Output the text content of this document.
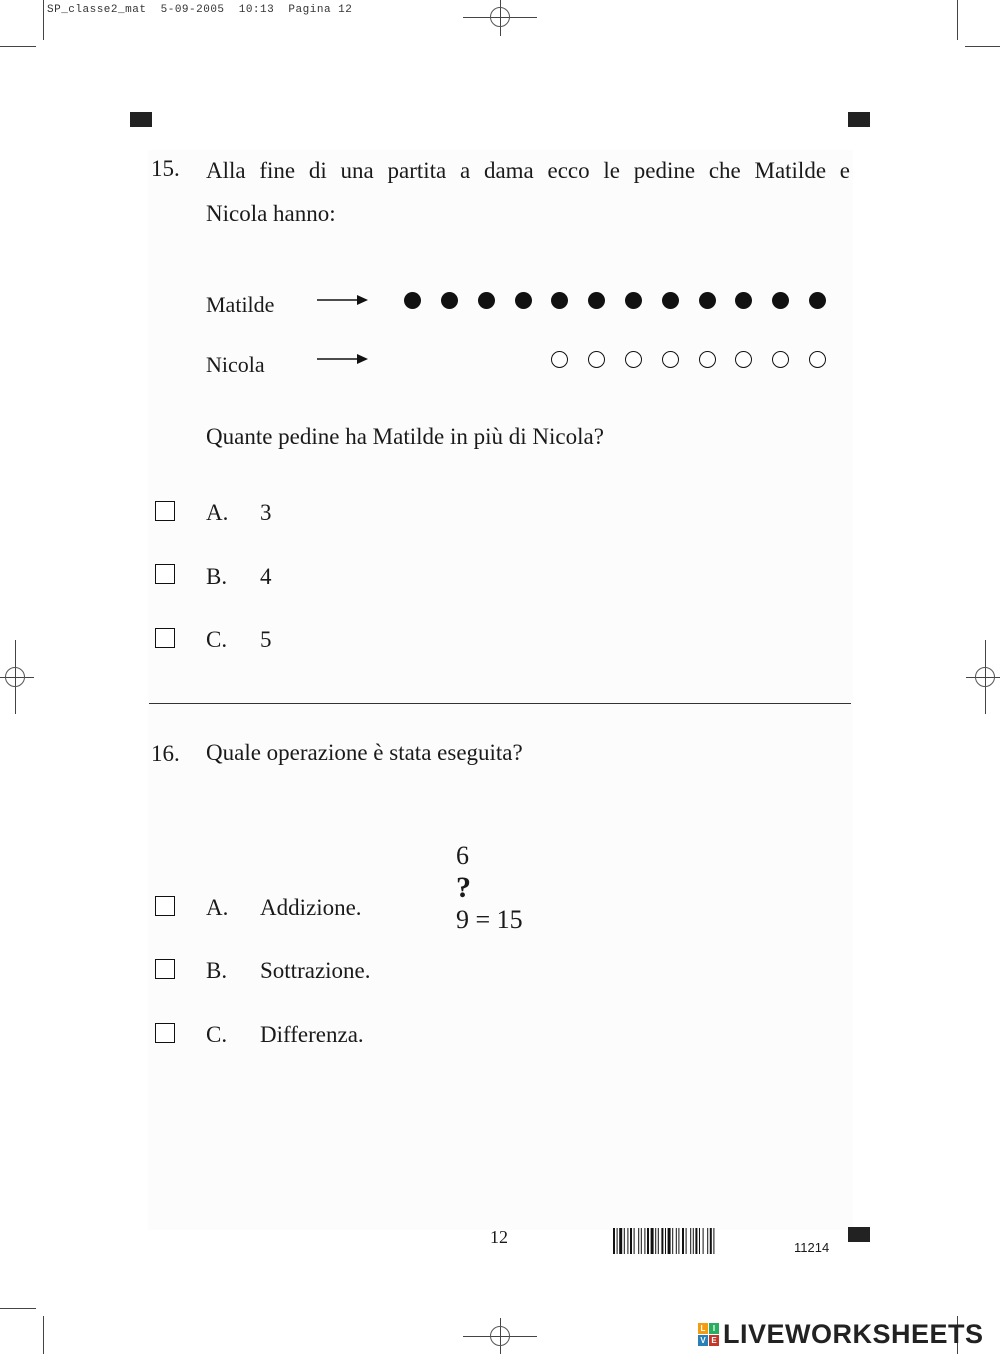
SP_classe2_mat  5-09-2005  10:13  Pagina 12
15. Alla fine di una partita a dama ecco le pedine che Matilde e
Nicola hanno:
Matilde
Nicola
Quante pedine ha Matilde in più di Nicola?
A. 3
B. 4
C. 5
16. Quale operazione è stata eseguita?

6
?
9 = 15

A. Addizione.
B. Sottrazione.
C. Differenza.
12
11214
L I
V E LIVEWORKSHEETS
